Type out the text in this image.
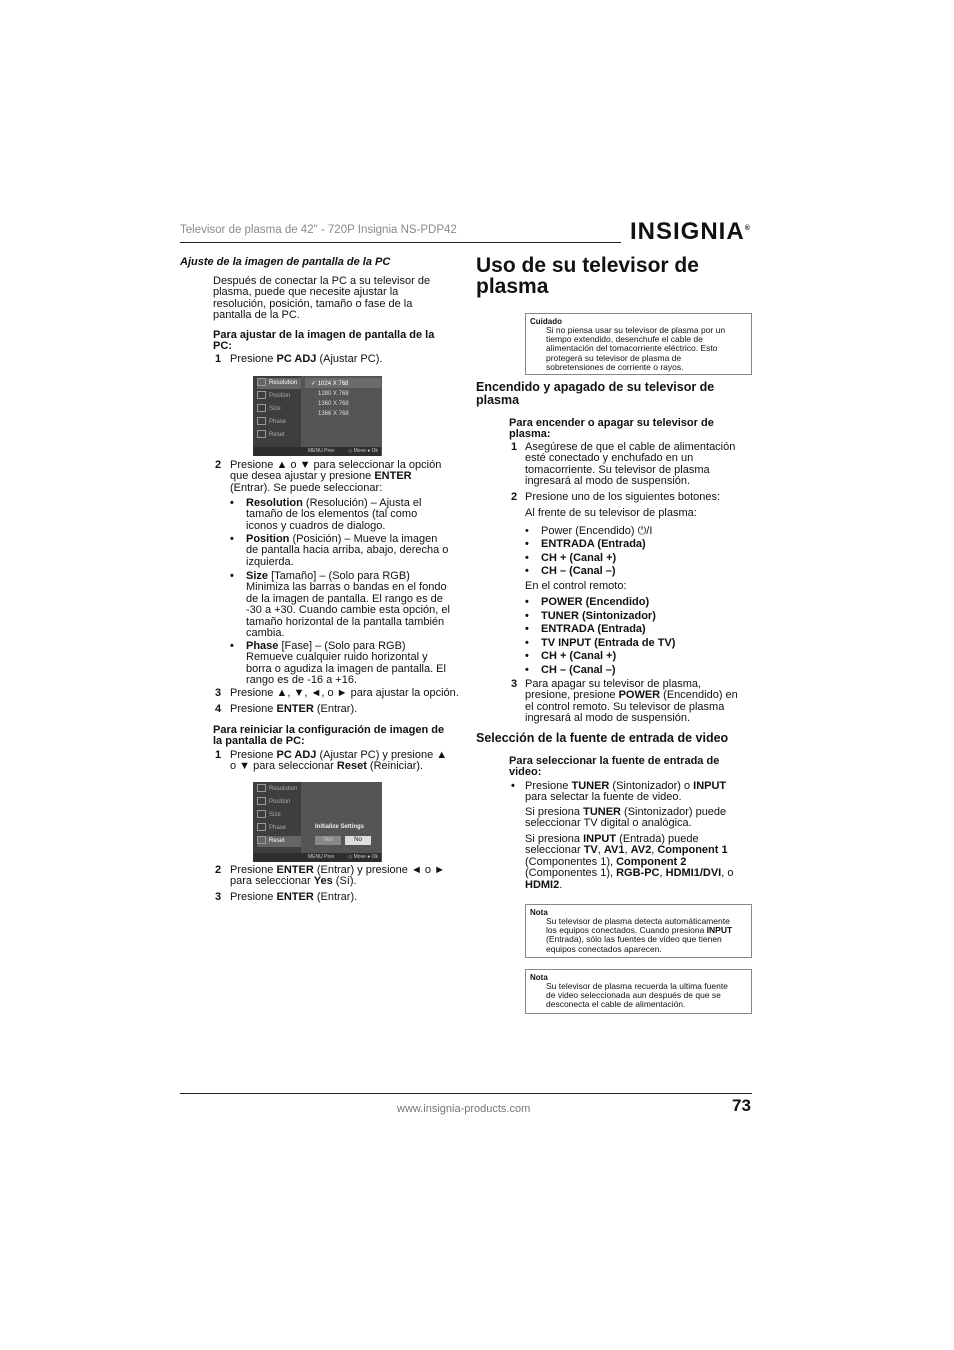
Televisor de plasma de 42" - 720P Insignia NS-PDP42	INSIGNIA®
Ajuste de la imagen de pantalla de la PC
Después de conectar la PC a su televisor de
plasma, puede que necesite ajustar la
resolución, posición, tamaño o fase de la
pantalla de la PC.
Para ajustar de la imagen de pantalla de la
PC:
1 Presione PC ADJ (Ajustar PC).
Resolution
Position
Size
Phase
Reset
✓ 1024 X 768
1280 X 768
1360 X 768
1366 X 768
MENU Prev	◇ Move ● Ok
2 Presione ▲ o ▼ para seleccionar la opción
que desea ajustar y presione ENTER
(Entrar). Se puede seleccionar:
• Resolution (Resolución) – Ajusta el
tamaño de los elementos (tal como
iconos y cuadros de dialogo.
• Position (Posición) – Mueve la imagen
de pantalla hacia arriba, abajo, derecha o
izquierda.
• Size [Tamaño] – (Solo para RGB)
Minimiza las barras o bandas en el fondo
de la imagen de pantalla. El rango es de
-30 a +30. Cuando cambie esta opción, el
tamaño horizontal de la pantalla también
cambia.
• Phase [Fase] – (Solo para RGB)
Remueve cualquier ruido horizontal y
borra o agudiza la imagen de pantalla. El
rango es de -16 a +16.
3 Presione ▲, ▼, ◄, o ► para ajustar la opción.
4 Presione ENTER (Entrar).
Para reiniciar la configuración de imagen de
la pantalla de PC:
1 Presione PC ADJ (Ajustar PC) y presione ▲
o ▼ para seleccionar Reset (Reiniciar).
Resolution
Position
Size
Phase
Reset
Initialize Settings
Yes	No
MENU Prev	◇ Move ● Ok
2 Presione ENTER (Entrar) y presione ◄ o ►
para seleccionar Yes (Sí).
3 Presione ENTER (Entrar).
Uso de su televisor de plasma
Cuidado
Si no piensa usar su televisor de plasma por un
tiempo extendido, desenchufe el cable de
alimentación del tomacorriente eléctrico. Esto
protegerá su televisor de plasma de
sobretensiones de corriente o rayos.
Encendido y apagado de su televisor de
plasma
Para encender o apagar su televisor de
plasma:
1 Asegúrese de que el cable de alimentación
esté conectado y enchufado en un
tomacorriente. Su televisor de plasma
ingresará al modo de suspensión.
2 Presione uno de los siguientes botones:
Al frente de su televisor de plasma:
• Power (Encendido) ⏻/I
• ENTRADA (Entrada)
• CH + (Canal +)
• CH – (Canal –)
En el control remoto:
• POWER (Encendido)
• TUNER (Sintonizador)
• ENTRADA (Entrada)
• TV INPUT (Entrada de TV)
• CH + (Canal +)
• CH – (Canal –)
3 Para apagar su televisor de plasma,
presione, presione POWER (Encendido) en
el control remoto. Su televisor de plasma
ingresará al modo de suspensión.
Selección de la fuente de entrada de video
Para seleccionar la fuente de entrada de
video:
• Presione TUNER (Sintonizador) o INPUT
para selectar la fuente de video.
Si presiona TUNER (Sintonizador) puede
seleccionar TV digital o analógica.
Si presiona INPUT (Entrada) puede
seleccionar TV, AV1, AV2, Component 1
(Componentes 1), Component 2
(Componentes 1), RGB-PC, HDMI1/DVI, o
HDMI2.
Nota
Su televisor de plasma detecta automáticamente
los equipos conectados. Cuando presiona INPUT
(Entrada), sólo las fuentes de video que tienen
equipos conectados aparecen.
Nota
Su televisor de plasma recuerda la ultima fuente
de video seleccionada aun después de que se
desconecta el cable de alimentación.
www.insignia-products.com	73
